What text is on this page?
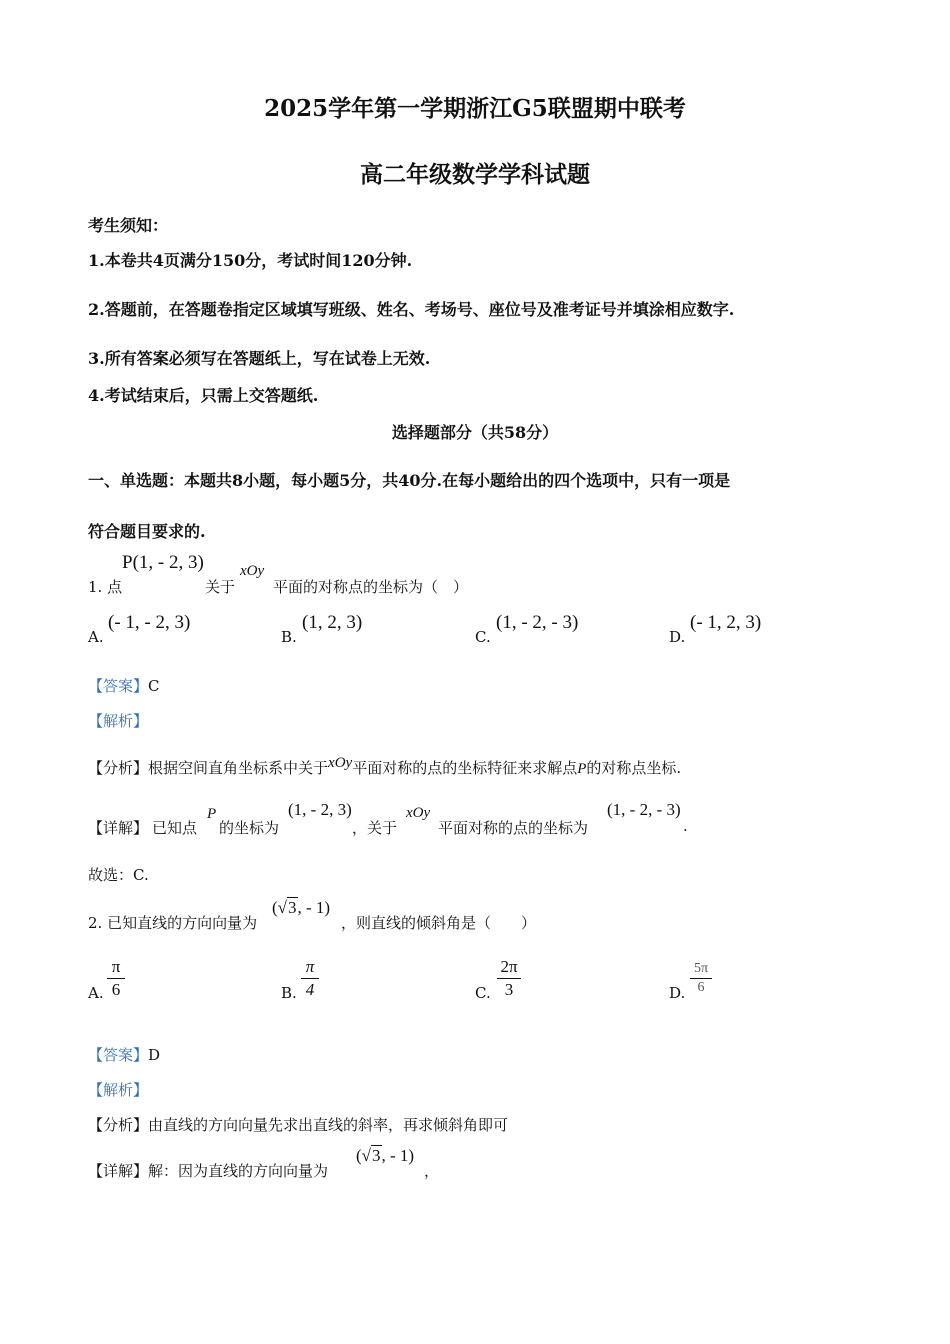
2025学年第一学期浙江G5联盟期中联考
高二年级数学学科试题
考生须知：
1.本卷共4页满分150分，考试时间120分钟.
2.答题前，在答题卷指定区域填写班级、姓名、考场号、座位号及准考证号并填涂相应数字.
3.所有答案必须写在答题纸上，写在试卷上无效.
4.考试结束后，只需上交答题纸.
选择题部分（共58分）
一、单选题：本题共8小题，每小题5分，共40分.在每小题给出的四个选项中，只有一项是
符合题目要求的.
1. 点
P(1, - 2, 3)
关于
xOy
平面的对称点的坐标为（　）
A.
(- 1, - 2, 3)
B.
(1, 2, 3)
C.
(1, - 2, - 3)
D.
(- 1, 2, 3)
【答案】C
【解析】
【分析】根据空间直角坐标系中关于xOy平面对称的点的坐标特征来求解点P的对称点坐标.
【详解】 已知点
P
的坐标为
(1, - 2, 3)
，关于
xOy
平面对称的点的坐标为
(1, - 2, - 3)
.
故选：C.
2. 已知直线的方向向量为
(√3, - 1)
，则直线的倾斜角是（　　）
A.
π
6	B.
π
4	C.
2π
3	D.
5π
6
【答案】D
【解析】
【分析】由直线的方向向量先求出直线的斜率，再求倾斜角即可
【详解】解：因为直线的方向向量为
(√3, - 1)
，
